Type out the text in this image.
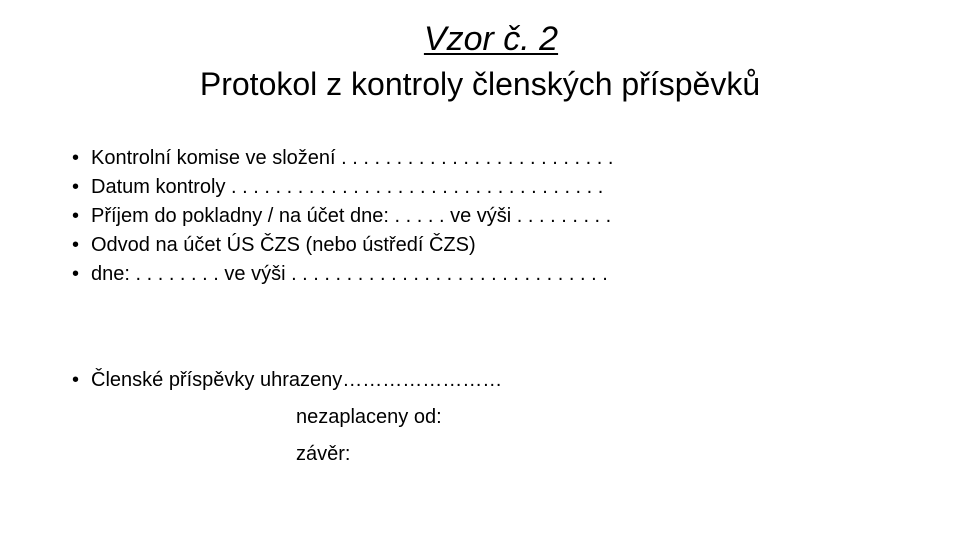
Vzor č. 2
Protokol z kontroly členských příspěvků
• Kontrolní komise ve složení . . . . . . . . . . . . . . . . . . . . . . . . .
• Datum kontroly . . . . . . . . . . . . . . . . . . . . . . . . . . . . . . . . . .
• Příjem do pokladny / na účet dne: . . . . . ve výši . . . . . . . . .
• Odvod na účet ÚS ČZS (nebo ústředí ČZS)
• dne: . . . . . . . . ve výši . . . . . . . . . . . . . . . . . . . . . . . . . . . . .
• Členské příspěvky uhrazeny……………………
nezaplaceny od:
závěr:
